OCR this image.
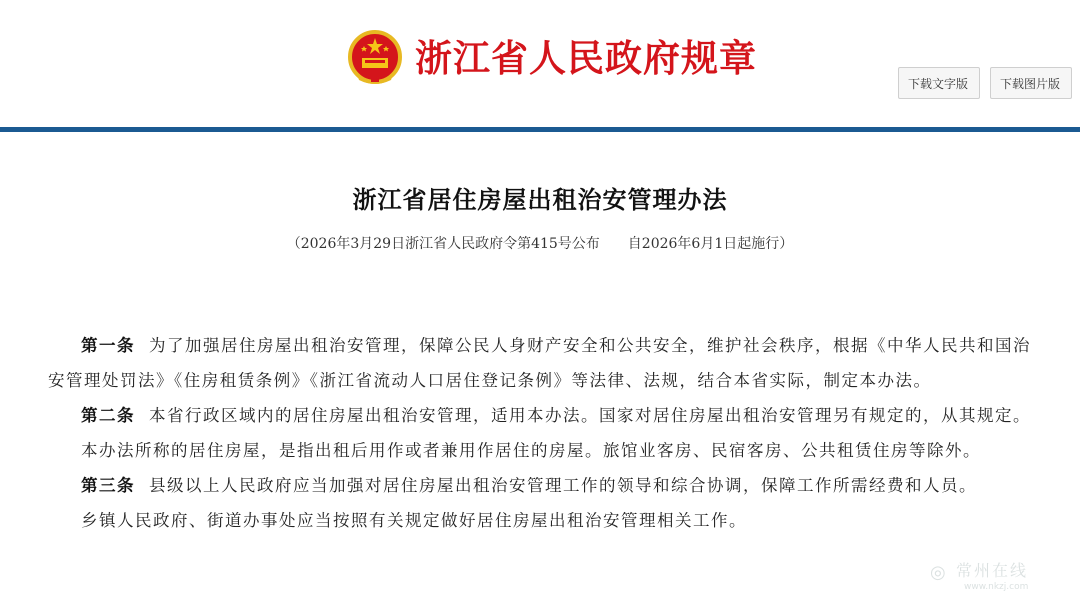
浙江省人民政府规章
下载文字版	下载图片版
浙江省居住房屋出租治安管理办法
（2026年3月29日浙江省人民政府令第415号公布　　自2026年6月1日起施行）

第一条 为了加强居住房屋出租治安管理，保障公民人身财产安全和公共安全，维护社会秩序，根据《中华人民共和国治安管理处罚法》《住房租赁条例》《浙江省流动人口居住登记条例》等法律、法规，结合本省实际，制定本办法。

第二条 本省行政区域内的居住房屋出租治安管理，适用本办法。国家对居住房屋出租治安管理另有规定的，从其规定。

本办法所称的居住房屋，是指出租后用作或者兼用作居住的房屋。旅馆业客房、民宿客房、公共租赁住房等除外。

第三条 县级以上人民政府应当加强对居住房屋出租治安管理工作的领导和综合协调，保障工作所需经费和人员。

乡镇人民政府、街道办事处应当按照有关规定做好居住房屋出租治安管理相关工作。

◎ 常州在线
www.nkzj.com
